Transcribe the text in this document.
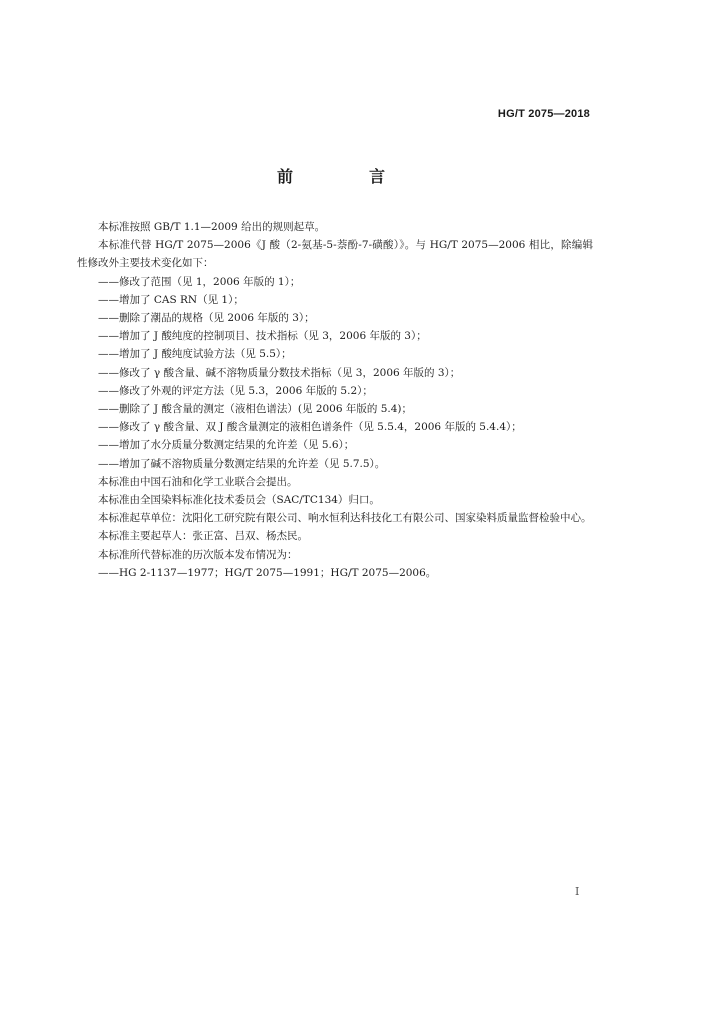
HG/T 2075—2018
前　言

本标准按照 GB/T 1.1—2009 给出的规则起草。

本标准代替 HG/T 2075—2006《J 酸（2-氨基-5-萘酚-7-磺酸）》。与 HG/T 2075—2006 相比，除编辑性修改外主要技术变化如下：

——修改了范围（见 1，2006 年版的 1）；

——增加了 CAS RN（见 1）；

——删除了潮品的规格（见 2006 年版的 3）；

——增加了 J 酸纯度的控制项目、技术指标（见 3，2006 年版的 3）；

——增加了 J 酸纯度试验方法（见 5.5）；

——修改了 γ 酸含量、碱不溶物质量分数技术指标（见 3，2006 年版的 3）；

——修改了外观的评定方法（见 5.3，2006 年版的 5.2）；

——删除了 J 酸含量的测定（液相色谱法）(见 2006 年版的 5.4)；

——修改了 γ 酸含量、双 J 酸含量测定的液相色谱条件（见 5.5.4，2006 年版的 5.4.4）；

——增加了水分质量分数测定结果的允许差（见 5.6）；

——增加了碱不溶物质量分数测定结果的允许差（见 5.7.5）。

本标准由中国石油和化学工业联合会提出。

本标准由全国染料标准化技术委员会（SAC/TC134）归口。

本标准起草单位：沈阳化工研究院有限公司、响水恒利达科技化工有限公司、国家染料质量监督检验中心。

本标准主要起草人：张正富、吕双、杨杰民。

本标准所代替标准的历次版本发布情况为：

——HG 2-1137—1977；HG/T 2075—1991；HG/T 2075—2006。

I
